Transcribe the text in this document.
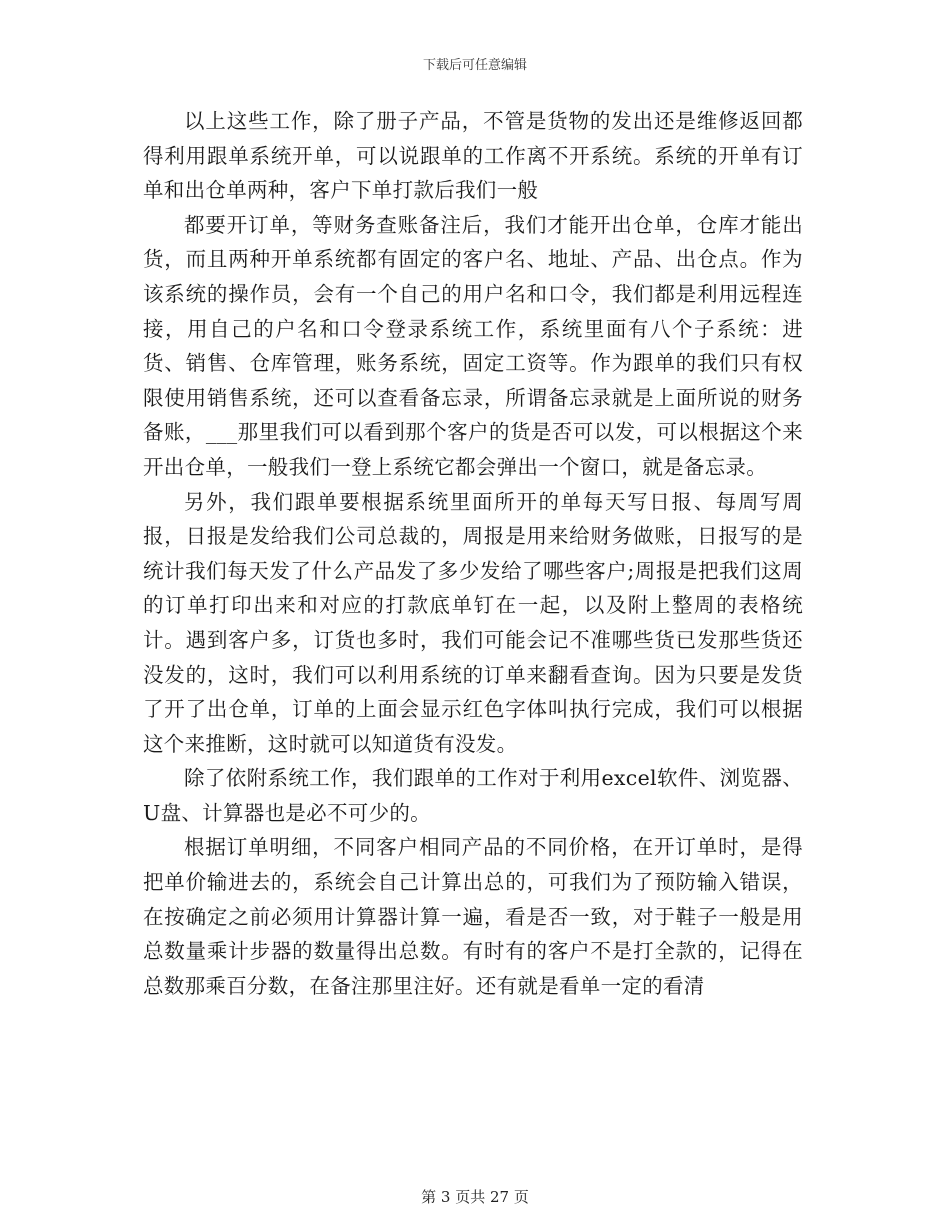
下载后可任意编辑

以上这些工作，除了册子产品，不管是货物的发出还是维修返回都得利用跟单系统开单，可以说跟单的工作离不开系统。系统的开单有订单和出仓单两种，客户下单打款后我们一般

都要开订单，等财务查账备注后，我们才能开出仓单，仓库才能出货，而且两种开单系统都有固定的客户名、地址、产品、出仓点。作为该系统的操作员，会有一个自己的用户名和口令，我们都是利用远程连接，用自己的户名和口令登录系统工作，系统里面有八个子系统：进货、销售、仓库管理，账务系统，固定工资等。作为跟单的我们只有权限使用销售系统，还可以查看备忘录，所谓备忘录就是上面所说的财务备账，___那里我们可以看到那个客户的货是否可以发，可以根据这个来开出仓单，一般我们一登上系统它都会弹出一个窗口，就是备忘录。

另外，我们跟单要根据系统里面所开的单每天写日报、每周写周报，日报是发给我们公司总裁的，周报是用来给财务做账，日报写的是统计我们每天发了什么产品发了多少发给了哪些客户;周报是把我们这周的订单打印出来和对应的打款底单钉在一起，以及附上整周的表格统计。遇到客户多，订货也多时，我们可能会记不准哪些货已发那些货还没发的，这时，我们可以利用系统的订单来翻看查询。因为只要是发货了开了出仓单，订单的上面会显示红色字体叫执行完成，我们可以根据这个来推断，这时就可以知道货有没发。

除了依附系统工作，我们跟单的工作对于利用excel软件、浏览器、U盘、计算器也是必不可少的。

根据订单明细，不同客户相同产品的不同价格，在开订单时，是得把单价输进去的，系统会自己计算出总的，可我们为了预防输入错误，在按确定之前必须用计算器计算一遍，看是否一致，对于鞋子一般是用总数量乘计步器的数量得出总数。有时有的客户不是打全款的，记得在总数那乘百分数，在备注那里注好。还有就是看单一定的看清

第 3 页共 27 页
